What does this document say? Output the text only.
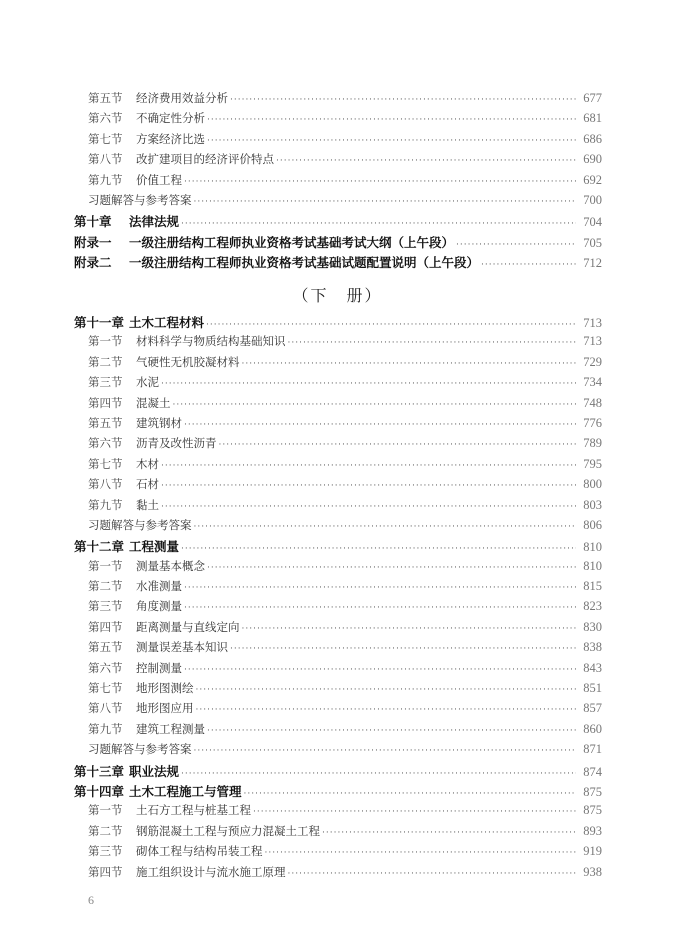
第五节	经济费用效益分析 ·····	677
第六节	不确定性分析 ·····	681
第七节	方案经济比选 ·····	686
第八节	改扩建项目的经济评价特点 ·····	690
第九节	价值工程 ·····	692
习题解答与参考答案 ·····	700
第十章	法律法规 ·····	704
附录一	一级注册结构工程师执业资格考试基础考试大纲（上午段） ·····	705
附录二	一级注册结构工程师执业资格考试基础试题配置说明（上午段） ·····	712
（下　册）
第十一章 土木工程材料 ·····	713
第一节	材料科学与物质结构基础知识 ·····	713
第二节	气硬性无机胶凝材料 ·····	729
第三节	水泥 ·····	734
第四节	混凝土 ·····	748
第五节	建筑钢材 ·····	776
第六节	沥青及改性沥青 ·····	789
第七节	木材 ·····	795
第八节	石材 ·····	800
第九节	黏土 ·····	803
习题解答与参考答案 ·····	806
第十二章 工程测量 ·····	810
第一节	测量基本概念 ·····	810
第二节	水准测量 ·····	815
第三节	角度测量 ·····	823
第四节	距离测量与直线定向 ·····	830
第五节	测量误差基本知识 ·····	838
第六节	控制测量 ·····	843
第七节	地形图测绘 ·····	851
第八节	地形图应用 ·····	857
第九节	建筑工程测量 ·····	860
习题解答与参考答案 ·····	871
第十三章 职业法规 ·····	874
第十四章 土木工程施工与管理 ·····	875
第一节	土石方工程与桩基工程 ·····	875
第二节	钢筋混凝土工程与预应力混凝土工程 ·····	893
第三节	砌体工程与结构吊装工程 ·····	919
第四节	施工组织设计与流水施工原理 ·····	938
6
